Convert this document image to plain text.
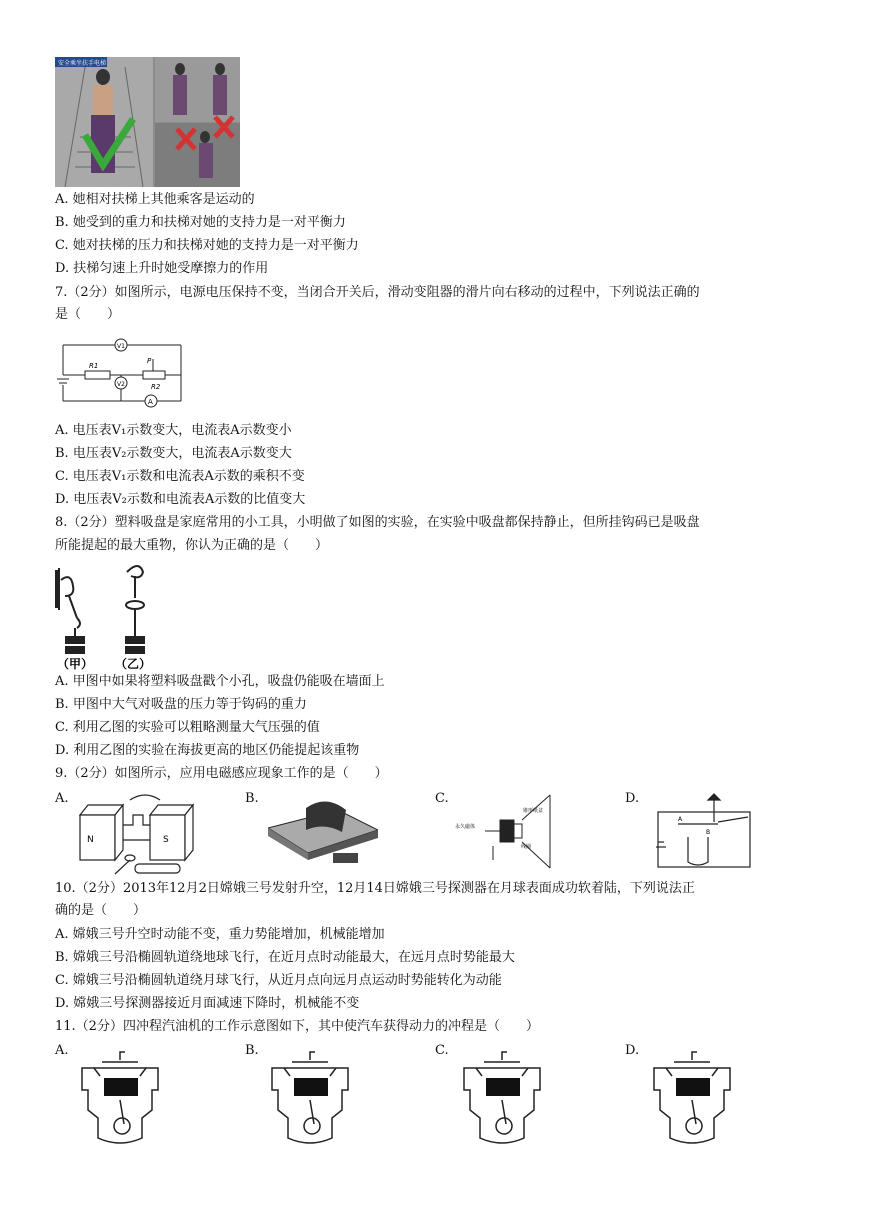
安全乘坐扶手电梯
A. 她相对扶梯上其他乘客是运动的
B. 她受到的重力和扶梯对她的支持力是一对平衡力
C. 她对扶梯的压力和扶梯对她的支持力是一对平衡力
D. 扶梯匀速上升时她受摩擦力的作用
7.（2分）如图所示，电源电压保持不变，当闭合开关后，滑动变阻器的滑片向右移动的过程中，下列说法正确的
是（　　）
V1
V2
A
R1
R2
P
A. 电压表V₁示数变大，电流表A示数变小
B. 电压表V₂示数变大，电流表A示数变大
C. 电压表V₁示数和电流表A示数的乘积不变
D. 电压表V₂示数和电流表A示数的比值变大
8.（2分）塑料吸盘是家庭常用的小工具，小明做了如图的实验，在实验中吸盘都保持静止，但所挂钩码已是吸盘
所能提起的最大重物，你认为正确的是（　　）
（甲） （乙）
A. 甲图中如果将塑料吸盘戳个小孔，吸盘仍能吸在墙面上
B. 甲图中大气对吸盘的压力等于钩码的重力
C. 利用乙图的实验可以粗略测量大气压强的值
D. 利用乙图的实验在海拔更高的地区仍能提起该重物
9.（2分）如图所示，应用电磁感应现象工作的是（　　）
A.	B.	C.	D.
N	S
永久磁体
锥形纸盆
线圈
A
B
10.（2分）2013年12月2日嫦娥三号发射升空，12月14日嫦娥三号探测器在月球表面成功软着陆，下列说法正
确的是（　　）
A. 嫦娥三号升空时动能不变，重力势能增加，机械能增加
B. 嫦娥三号沿椭圆轨道绕地球飞行，在近月点时动能最大，在远月点时势能最大
C. 嫦娥三号沿椭圆轨道绕月球飞行，从近月点向远月点运动时势能转化为动能
D. 嫦娥三号探测器接近月面减速下降时，机械能不变
11.（2分）四冲程汽油机的工作示意图如下，其中使汽车获得动力的冲程是（　　）
A.	B.	C.	D.
